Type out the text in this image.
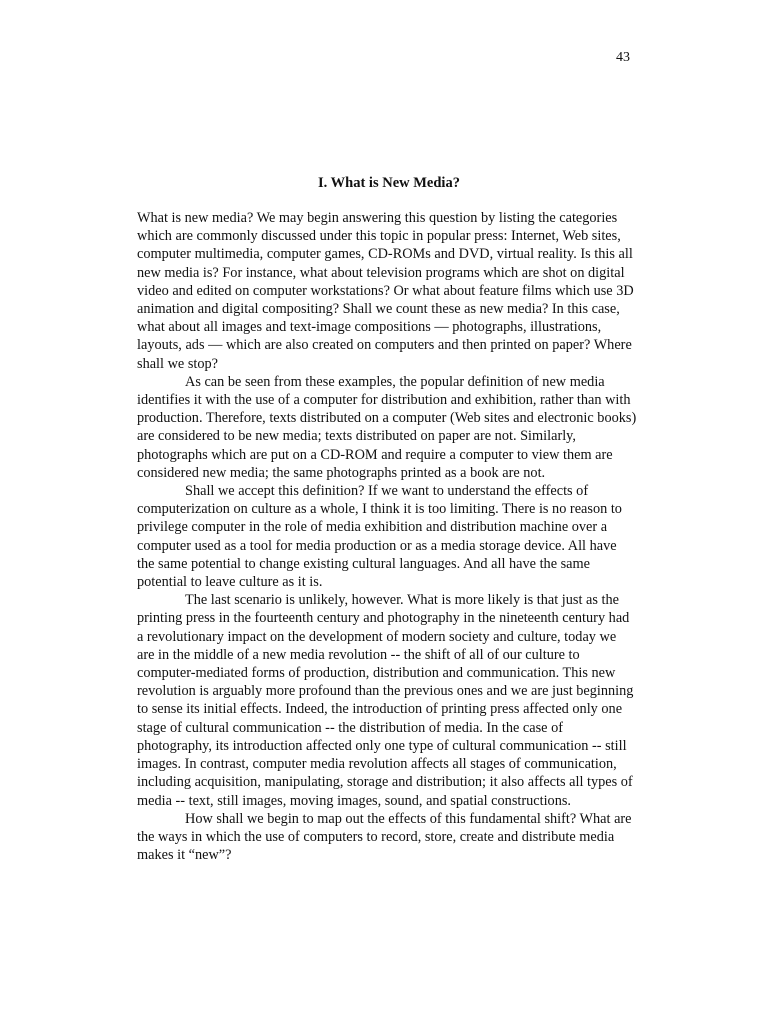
43

I. What is New Media?

What is new media? We may begin answering this question by listing the categories which are commonly discussed under this topic in popular press: Internet, Web sites, computer multimedia, computer games, CD-ROMs and DVD, virtual reality. Is this all new media is? For instance, what about television programs which are shot on digital video and edited on computer workstations? Or what about feature films which use 3D animation and digital compositing? Shall we count these as new media? In this case, what about all images and text-image compositions — photographs, illustrations, layouts, ads — which are also created on computers and then printed on paper? Where shall we stop?

As can be seen from these examples, the popular definition of new media identifies it with the use of a computer for distribution and exhibition, rather than with production. Therefore, texts distributed on a computer (Web sites and electronic books) are considered to be new media; texts distributed on paper are not. Similarly, photographs which are put on a CD-ROM and require a computer to view them are considered new media; the same photographs printed as a book are not.

Shall we accept this definition? If we want to understand the effects of computerization on culture as a whole, I think it is too limiting. There is no reason to privilege computer in the role of media exhibition and distribution machine over a computer used as a tool for media production or as a media storage device. All have the same potential to change existing cultural languages. And all have the same potential to leave culture as it is.

The last scenario is unlikely, however. What is more likely is that just as the printing press in the fourteenth century and photography in the nineteenth century had a revolutionary impact on the development of modern society and culture, today we are in the middle of a new media revolution -- the shift of all of our culture to computer-mediated forms of production, distribution and communication. This new revolution is arguably more profound than the previous ones and we are just beginning to sense its initial effects. Indeed, the introduction of printing press affected only one stage of cultural communication -- the distribution of media. In the case of photography, its introduction affected only one type of cultural communication -- still images. In contrast, computer media revolution affects all stages of communication, including acquisition, manipulating, storage and distribution; it also affects all types of media -- text, still images, moving images, sound, and spatial constructions.

How shall we begin to map out the effects of this fundamental shift? What are the ways in which the use of computers to record, store, create and distribute media makes it “new”?
